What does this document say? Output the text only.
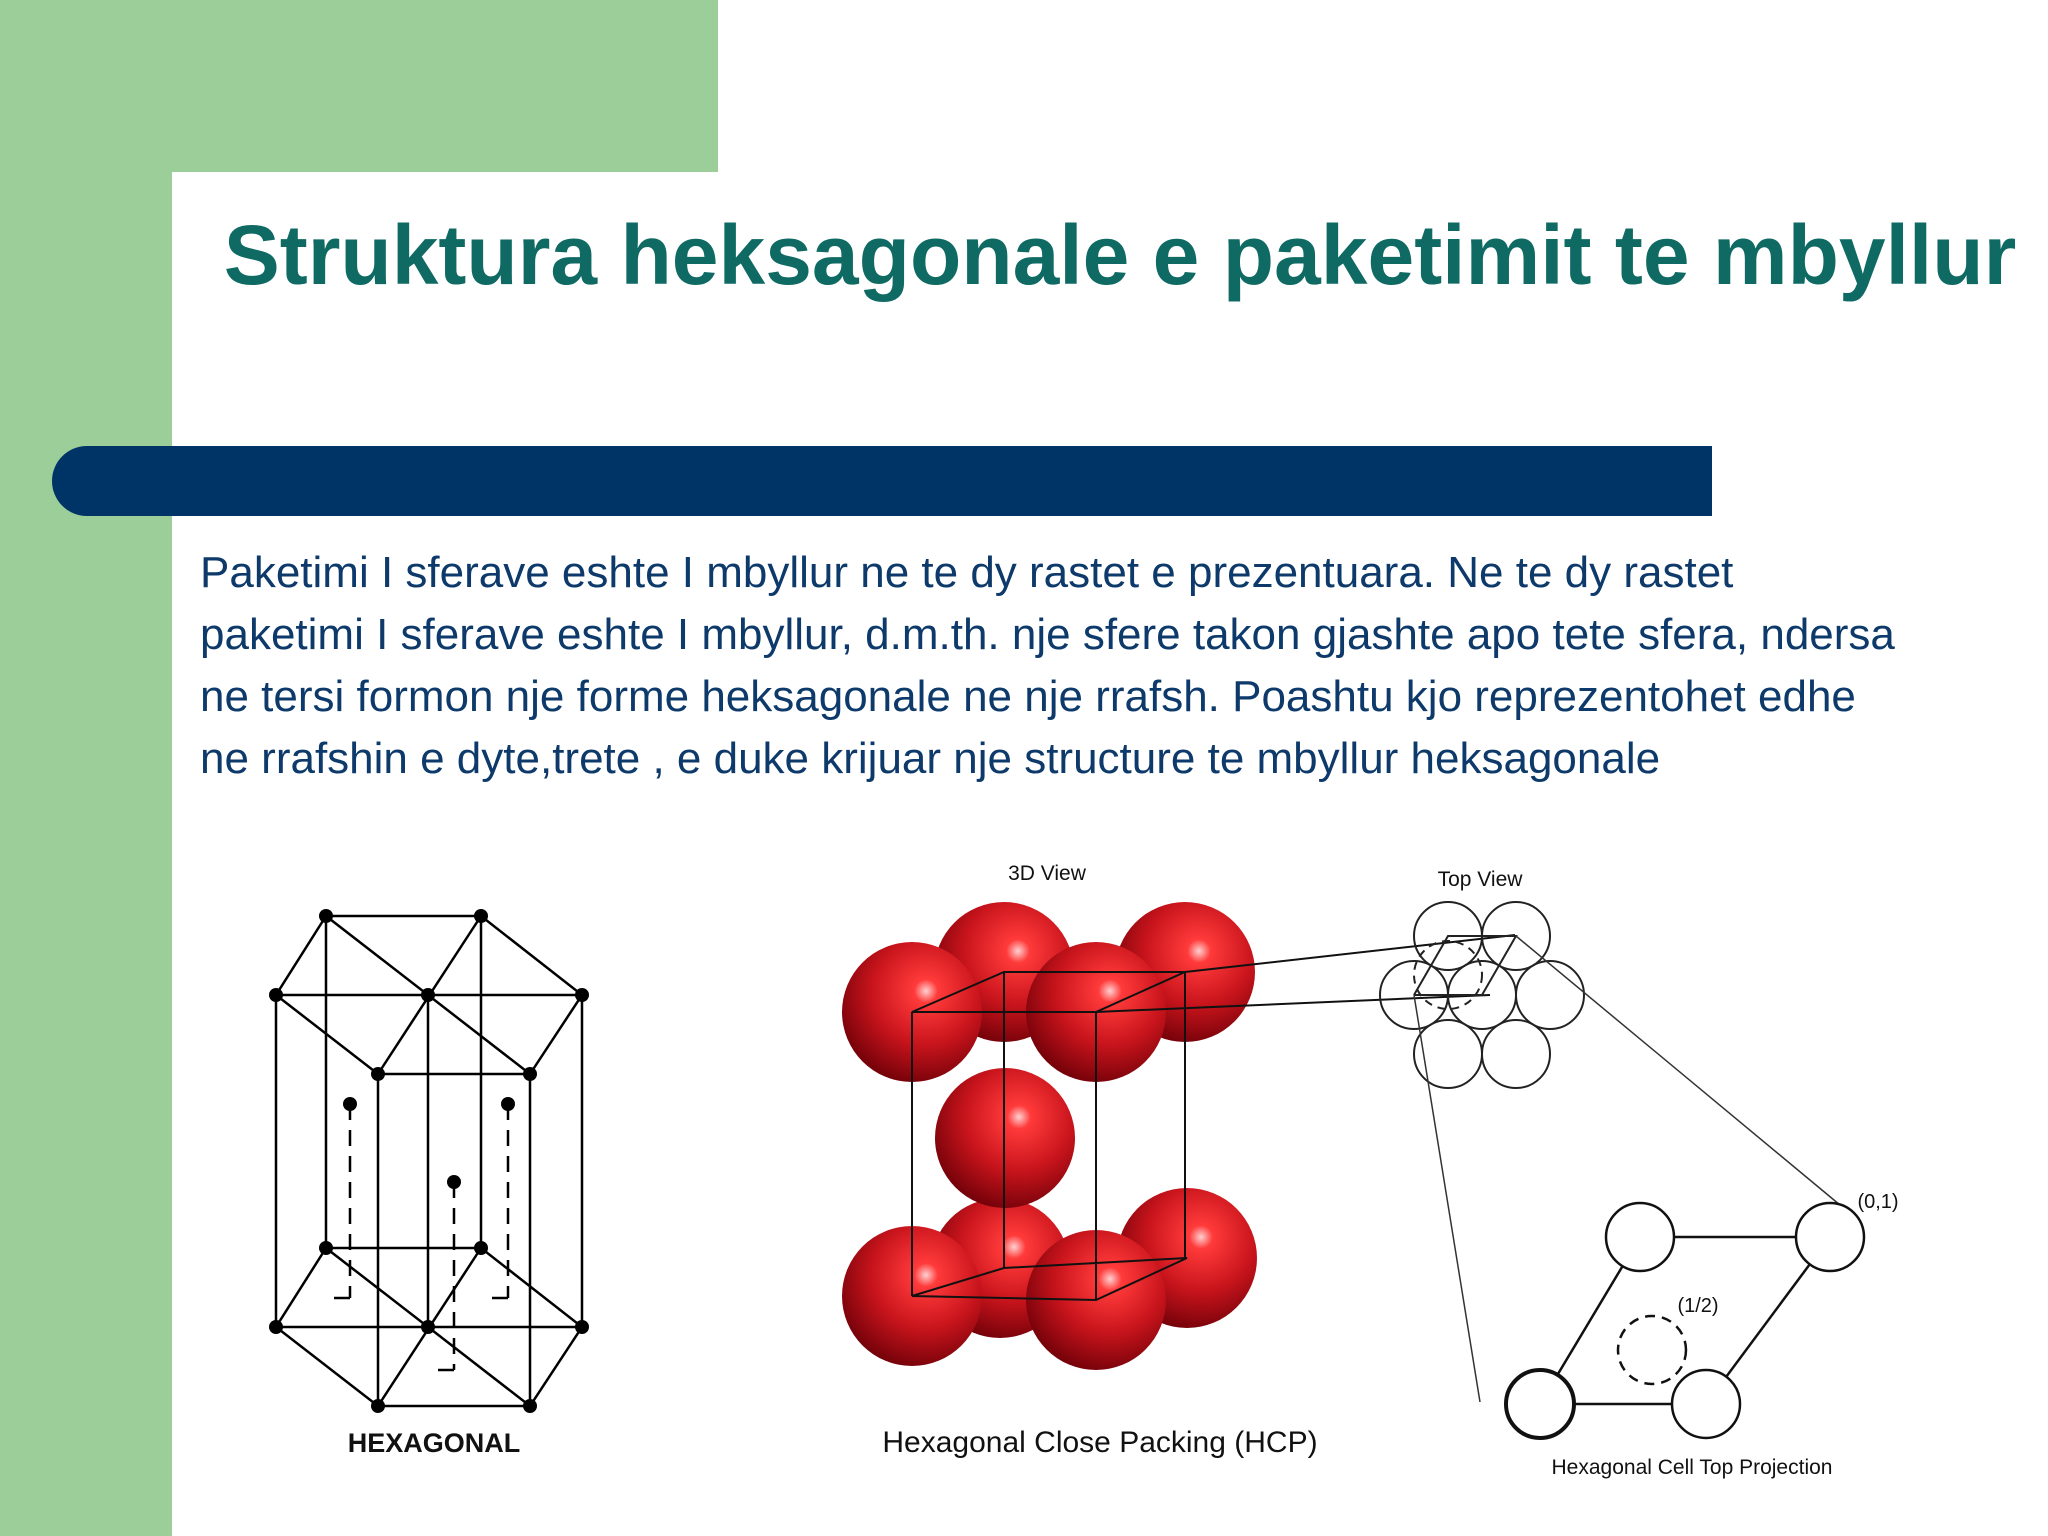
Struktura heksagonale e paketimit te mbyllur

Paketimi I sferave eshte I mbyllur ne te dy rastet e prezentuara. Ne te dy rastet paketimi I sferave eshte I mbyllur, d.m.th. nje sfere takon gjashte apo tete sfera, ndersa ne tersi formon nje forme heksagonale ne nje rrafsh. Poashtu kjo reprezentohet edhe ne rrafshin e dyte,trete , e duke krijuar nje structure te mbyllur heksagonale

HEXAGONAL
3D View
Hexagonal Close Packing (HCP)
Top View
(0,1)
(1/2)
Hexagonal Cell Top Projection
